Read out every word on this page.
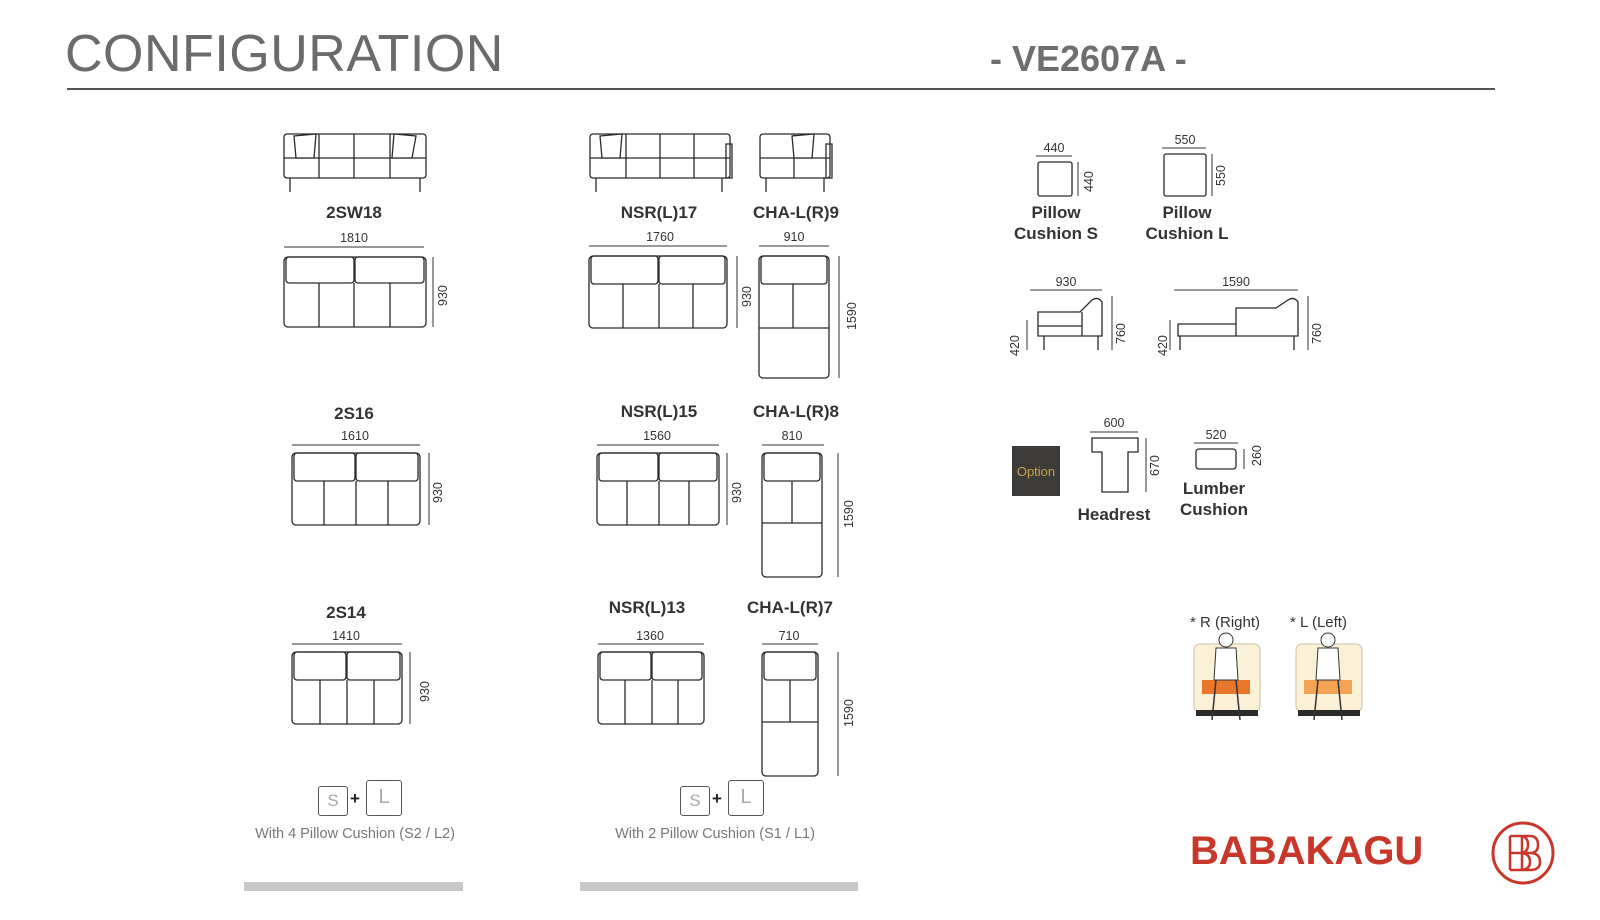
CONFIGURATION	- VE2607A -
2SW18
1810
930
2S16
1610
930
2S14
1410
930
S + L
With 4 Pillow Cushion (S2 / L2)
NSR(L)17
1760
930
NSR(L)15
1560
930
NSR(L)13
1360
S + L
With 2 Pillow Cushion (S1 / L1)
CHA-L(R)9
910
1590
CHA-L(R)8
810
1590
CHA-L(R)7
710
1590
440
440
Pillow
Cushion S
550
550
Pillow
Cushion L
930
420
760
1590
420
760
Option
600
670
Headrest
520
260
Lumber
Cushion
* R (Right) * L (Left)
BABAKAGU
